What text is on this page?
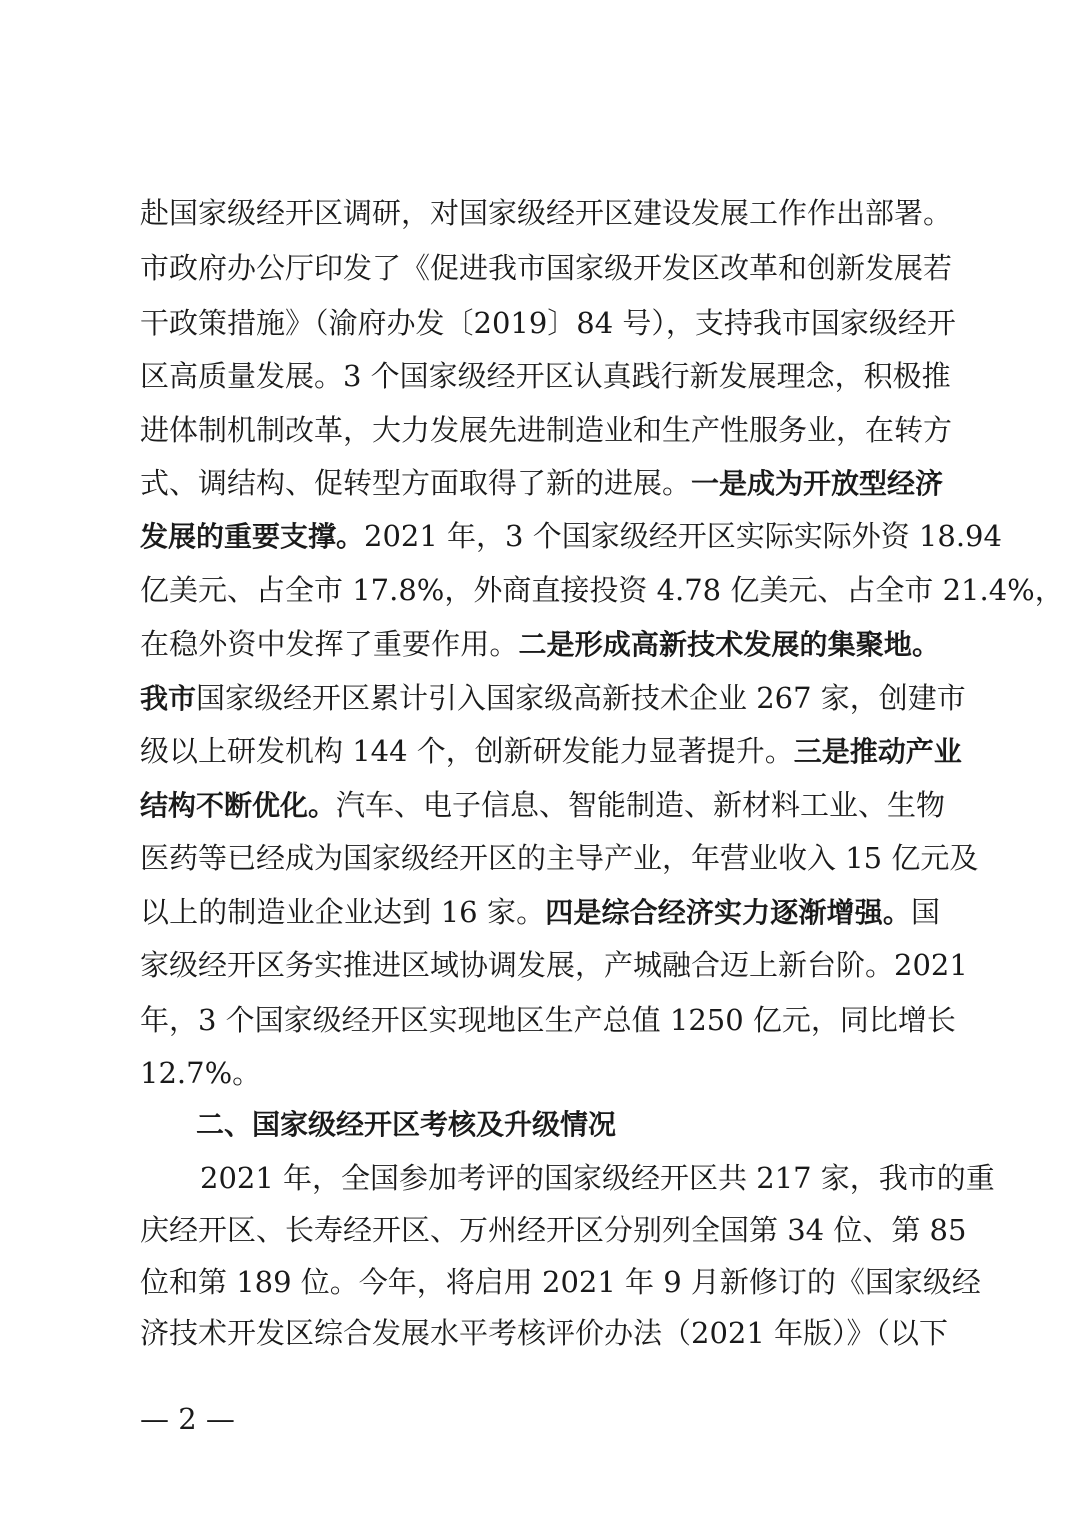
赴国家级经开区调研，对国家级经开区建设发展工作作出部署。
市政府办公厅印发了《促进我市国家级开发区改革和创新发展若
干政策措施》（渝府办发〔2019〕84 号），支持我市国家级经开
区高质量发展。3 个国家级经开区认真践行新发展理念，积极推
进体制机制改革，大力发展先进制造业和生产性服务业，在转方
式、调结构、促转型方面取得了新的进展。一是成为开放型经济
发展的重要支撑。2021 年，3 个国家级经开区实际实际外资 18.94
亿美元、占全市 17.8%，外商直接投资 4.78 亿美元、占全市 21.4%，
在稳外资中发挥了重要作用。二是形成高新技术发展的集聚地。
我市国家级经开区累计引入国家级高新技术企业 267 家，创建市
级以上研发机构 144 个，创新研发能力显著提升。三是推动产业
结构不断优化。汽车、电子信息、智能制造、新材料工业、生物
医药等已经成为国家级经开区的主导产业，年营业收入 15 亿元及
以上的制造业企业达到 16 家。四是综合经济实力逐渐增强。国
家级经开区务实推进区域协调发展，产城融合迈上新台阶。2021
年，3 个国家级经开区实现地区生产总值 1250 亿元，同比增长
12.7%。
二、国家级经开区考核及升级情况
2021 年，全国参加考评的国家级经开区共 217 家，我市的重
庆经开区、长寿经开区、万州经开区分别列全国第 34 位、第 85
位和第 189 位。今年，将启用 2021 年 9 月新修订的《国家级经
济技术开发区综合发展水平考核评价办法（2021 年版）》（以下
— 2 —
